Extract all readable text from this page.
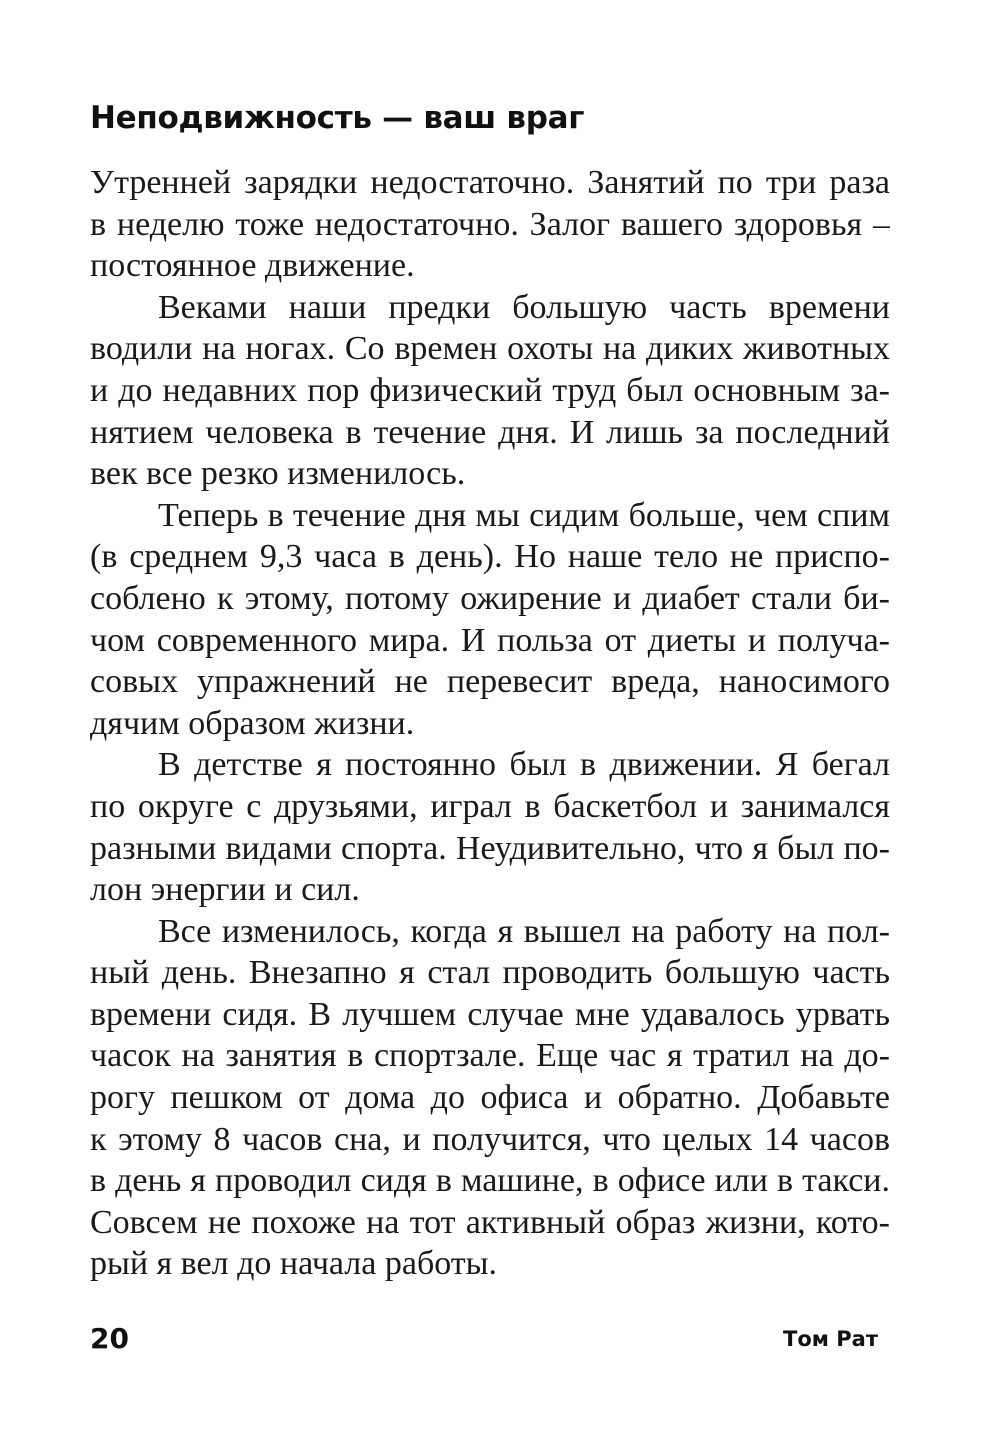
Неподвижность — ваш враг
Утренней зарядки недостаточно. Занятий по три раза
в неделю тоже недостаточно. Залог вашего здоровья –
постоянное движение.
Веками наши предки большую часть времени
водили на ногах. Со времен охоты на диких животных
и до недавних пор физический труд был основным за-
нятием человека в течение дня. И лишь за последний
век все резко изменилось.
Теперь в течение дня мы сидим больше, чем спим
(в среднем 9,3 часа в день). Но наше тело не приспо-
соблено к этому, потому ожирение и диабет стали би-
чом современного мира. И польза от диеты и получа-
совых упражнений не перевесит вреда, наносимого
дячим образом жизни.
В детстве я постоянно был в движении. Я бегал
по округе с друзьями, играл в баскетбол и занимался
разными видами спорта. Неудивительно, что я был по-
лон энергии и сил.
Все изменилось, когда я вышел на работу на пол-
ный день. Внезапно я стал проводить большую часть
времени сидя. В лучшем случае мне удавалось урвать
часок на занятия в спортзале. Еще час я тратил на до-
рогу пешком от дома до офиса и обратно. Добавьте
к этому 8 часов сна, и получится, что целых 14 часов
в день я проводил сидя в машине, в офисе или в такси.
Совсем не похоже на тот активный образ жизни, кото-
рый я вел до начала работы.
20	Том Рат
